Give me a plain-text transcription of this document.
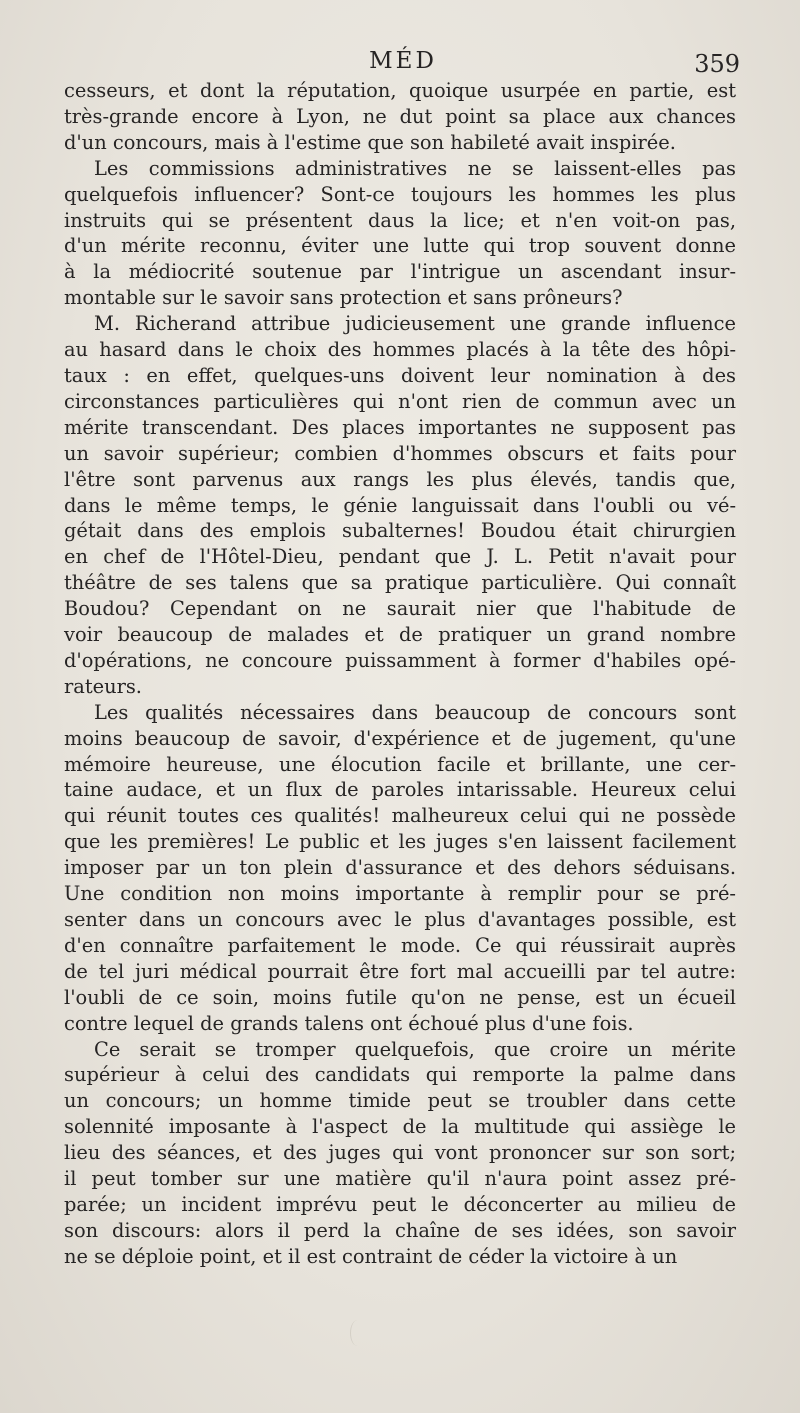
MÉD	359

cesseurs, et dont la réputation, quoique usurpée en partie, est
très-grande encore à Lyon, ne dut point sa place aux chances
d'un concours, mais à l'estime que son habileté avait inspirée.

Les commissions administratives ne se laissent-elles pas
quelquefois influencer? Sont-ce toujours les hommes les plus
instruits qui se présentent daus la lice; et n'en voit-on pas,
d'un mérite reconnu, éviter une lutte qui trop souvent donne
à la médiocrité soutenue par l'intrigue un ascendant insur-
montable sur le savoir sans protection et sans prôneurs?

M. Richerand attribue judicieusement une grande influence
au hasard dans le choix des hommes placés à la tête des hôpi-
taux : en effet, quelques-uns doivent leur nomination à des
circonstances particulières qui n'ont rien de commun avec un
mérite transcendant. Des places importantes ne supposent pas
un savoir supérieur; combien d'hommes obscurs et faits pour
l'être sont parvenus aux rangs les plus élevés, tandis que,
dans le même temps, le génie languissait dans l'oubli ou vé-
gétait dans des emplois subalternes! Boudou était chirurgien
en chef de l'Hôtel-Dieu, pendant que J. L. Petit n'avait pour
théâtre de ses talens que sa pratique particulière. Qui connaît
Boudou? Cependant on ne saurait nier que l'habitude de
voir beaucoup de malades et de pratiquer un grand nombre
d'opérations, ne concoure puissamment à former d'habiles opé-
rateurs.

Les qualités nécessaires dans beaucoup de concours sont
moins beaucoup de savoir, d'expérience et de jugement, qu'une
mémoire heureuse, une élocution facile et brillante, une cer-
taine audace, et un flux de paroles intarissable. Heureux celui
qui réunit toutes ces qualités! malheureux celui qui ne possède
que les premières! Le public et les juges s'en laissent facilement
imposer par un ton plein d'assurance et des dehors séduisans.
Une condition non moins importante à remplir pour se pré-
senter dans un concours avec le plus d'avantages possible, est
d'en connaître parfaitement le mode. Ce qui réussirait auprès
de tel juri médical pourrait être fort mal accueilli par tel autre:
l'oubli de ce soin, moins futile qu'on ne pense, est un écueil
contre lequel de grands talens ont échoué plus d'une fois.

Ce serait se tromper quelquefois, que croire un mérite
supérieur à celui des candidats qui remporte la palme dans
un concours; un homme timide peut se troubler dans cette
solennité imposante à l'aspect de la multitude qui assiège le
lieu des séances, et des juges qui vont prononcer sur son sort;
il peut tomber sur une matière qu'il n'aura point assez pré-
parée; un incident imprévu peut le déconcerter au milieu de
son discours: alors il perd la chaîne de ses idées, son savoir
ne se déploie point, et il est contraint de céder la victoire à un
